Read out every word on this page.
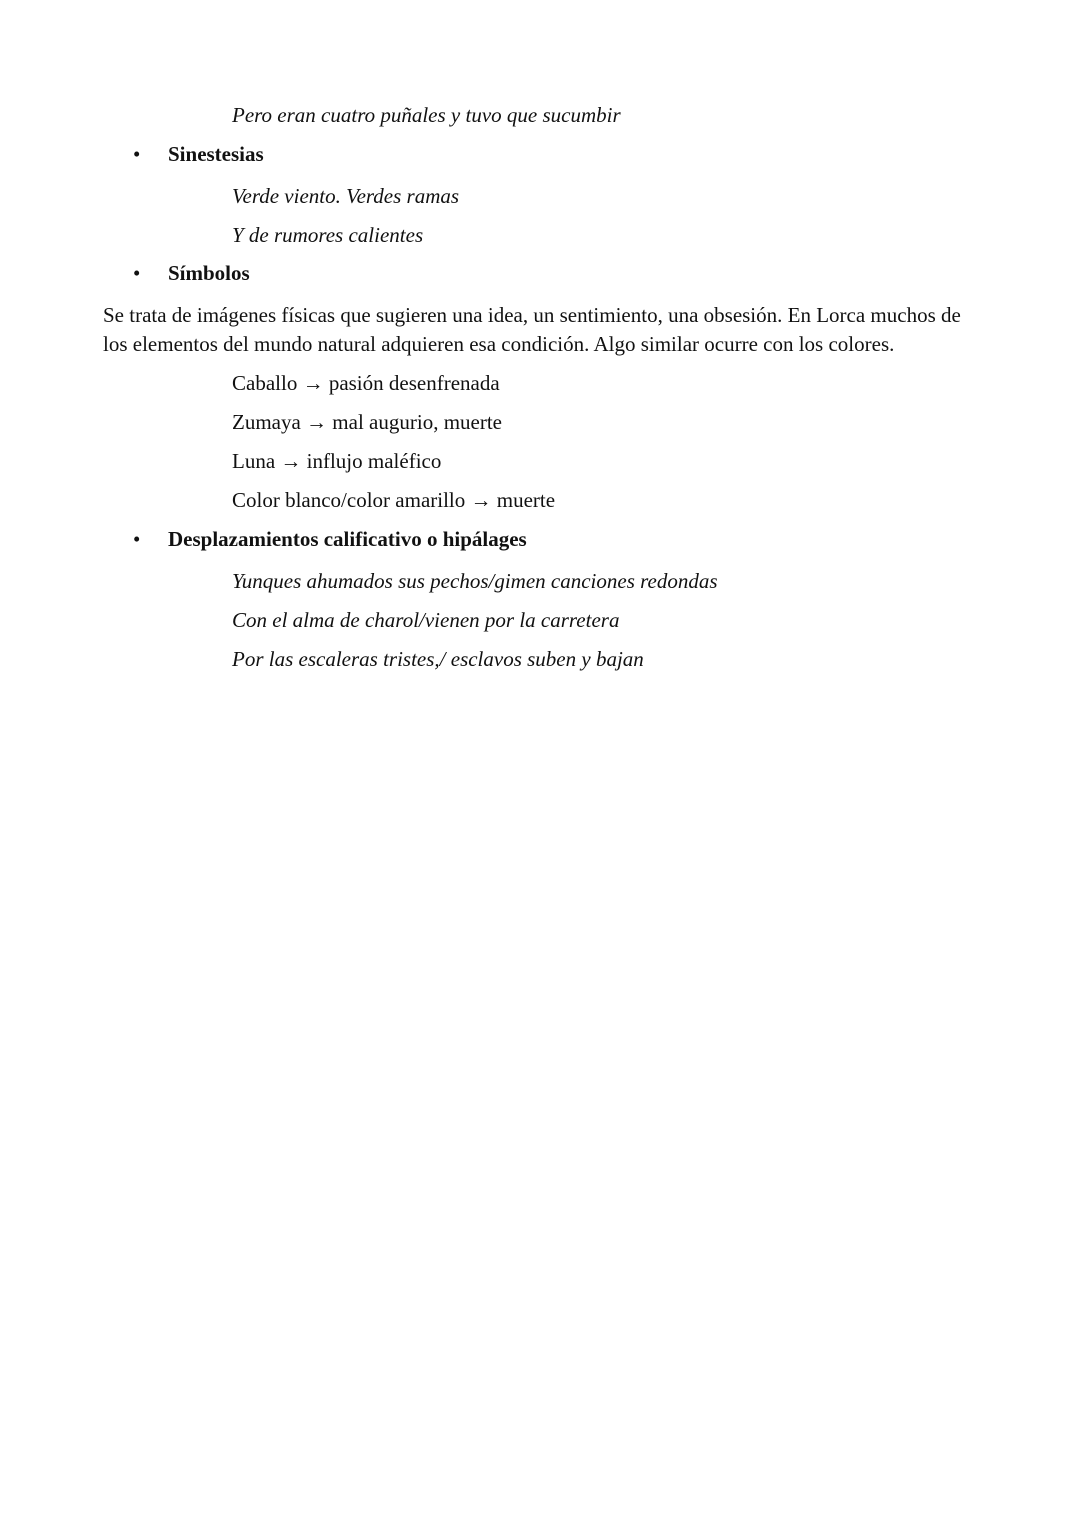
Pero eran cuatro puñales y tuvo que sucumbir
• Sinestesias
Verde viento. Verdes ramas
Y de rumores calientes
• Símbolos
Se trata de imágenes físicas que sugieren una idea, un sentimiento, una obsesión. En Lorca muchos de los elementos del mundo natural adquieren esa condición. Algo similar ocurre con los colores.
Caballo → pasión desenfrenada
Zumaya → mal augurio, muerte
Luna → influjo maléfico
Color blanco/color amarillo → muerte
• Desplazamientos calificativo o hipálages
Yunques ahumados sus pechos/gimen canciones redondas
Con el alma de charol/vienen por la carretera
Por las escaleras tristes,/ esclavos suben y bajan
